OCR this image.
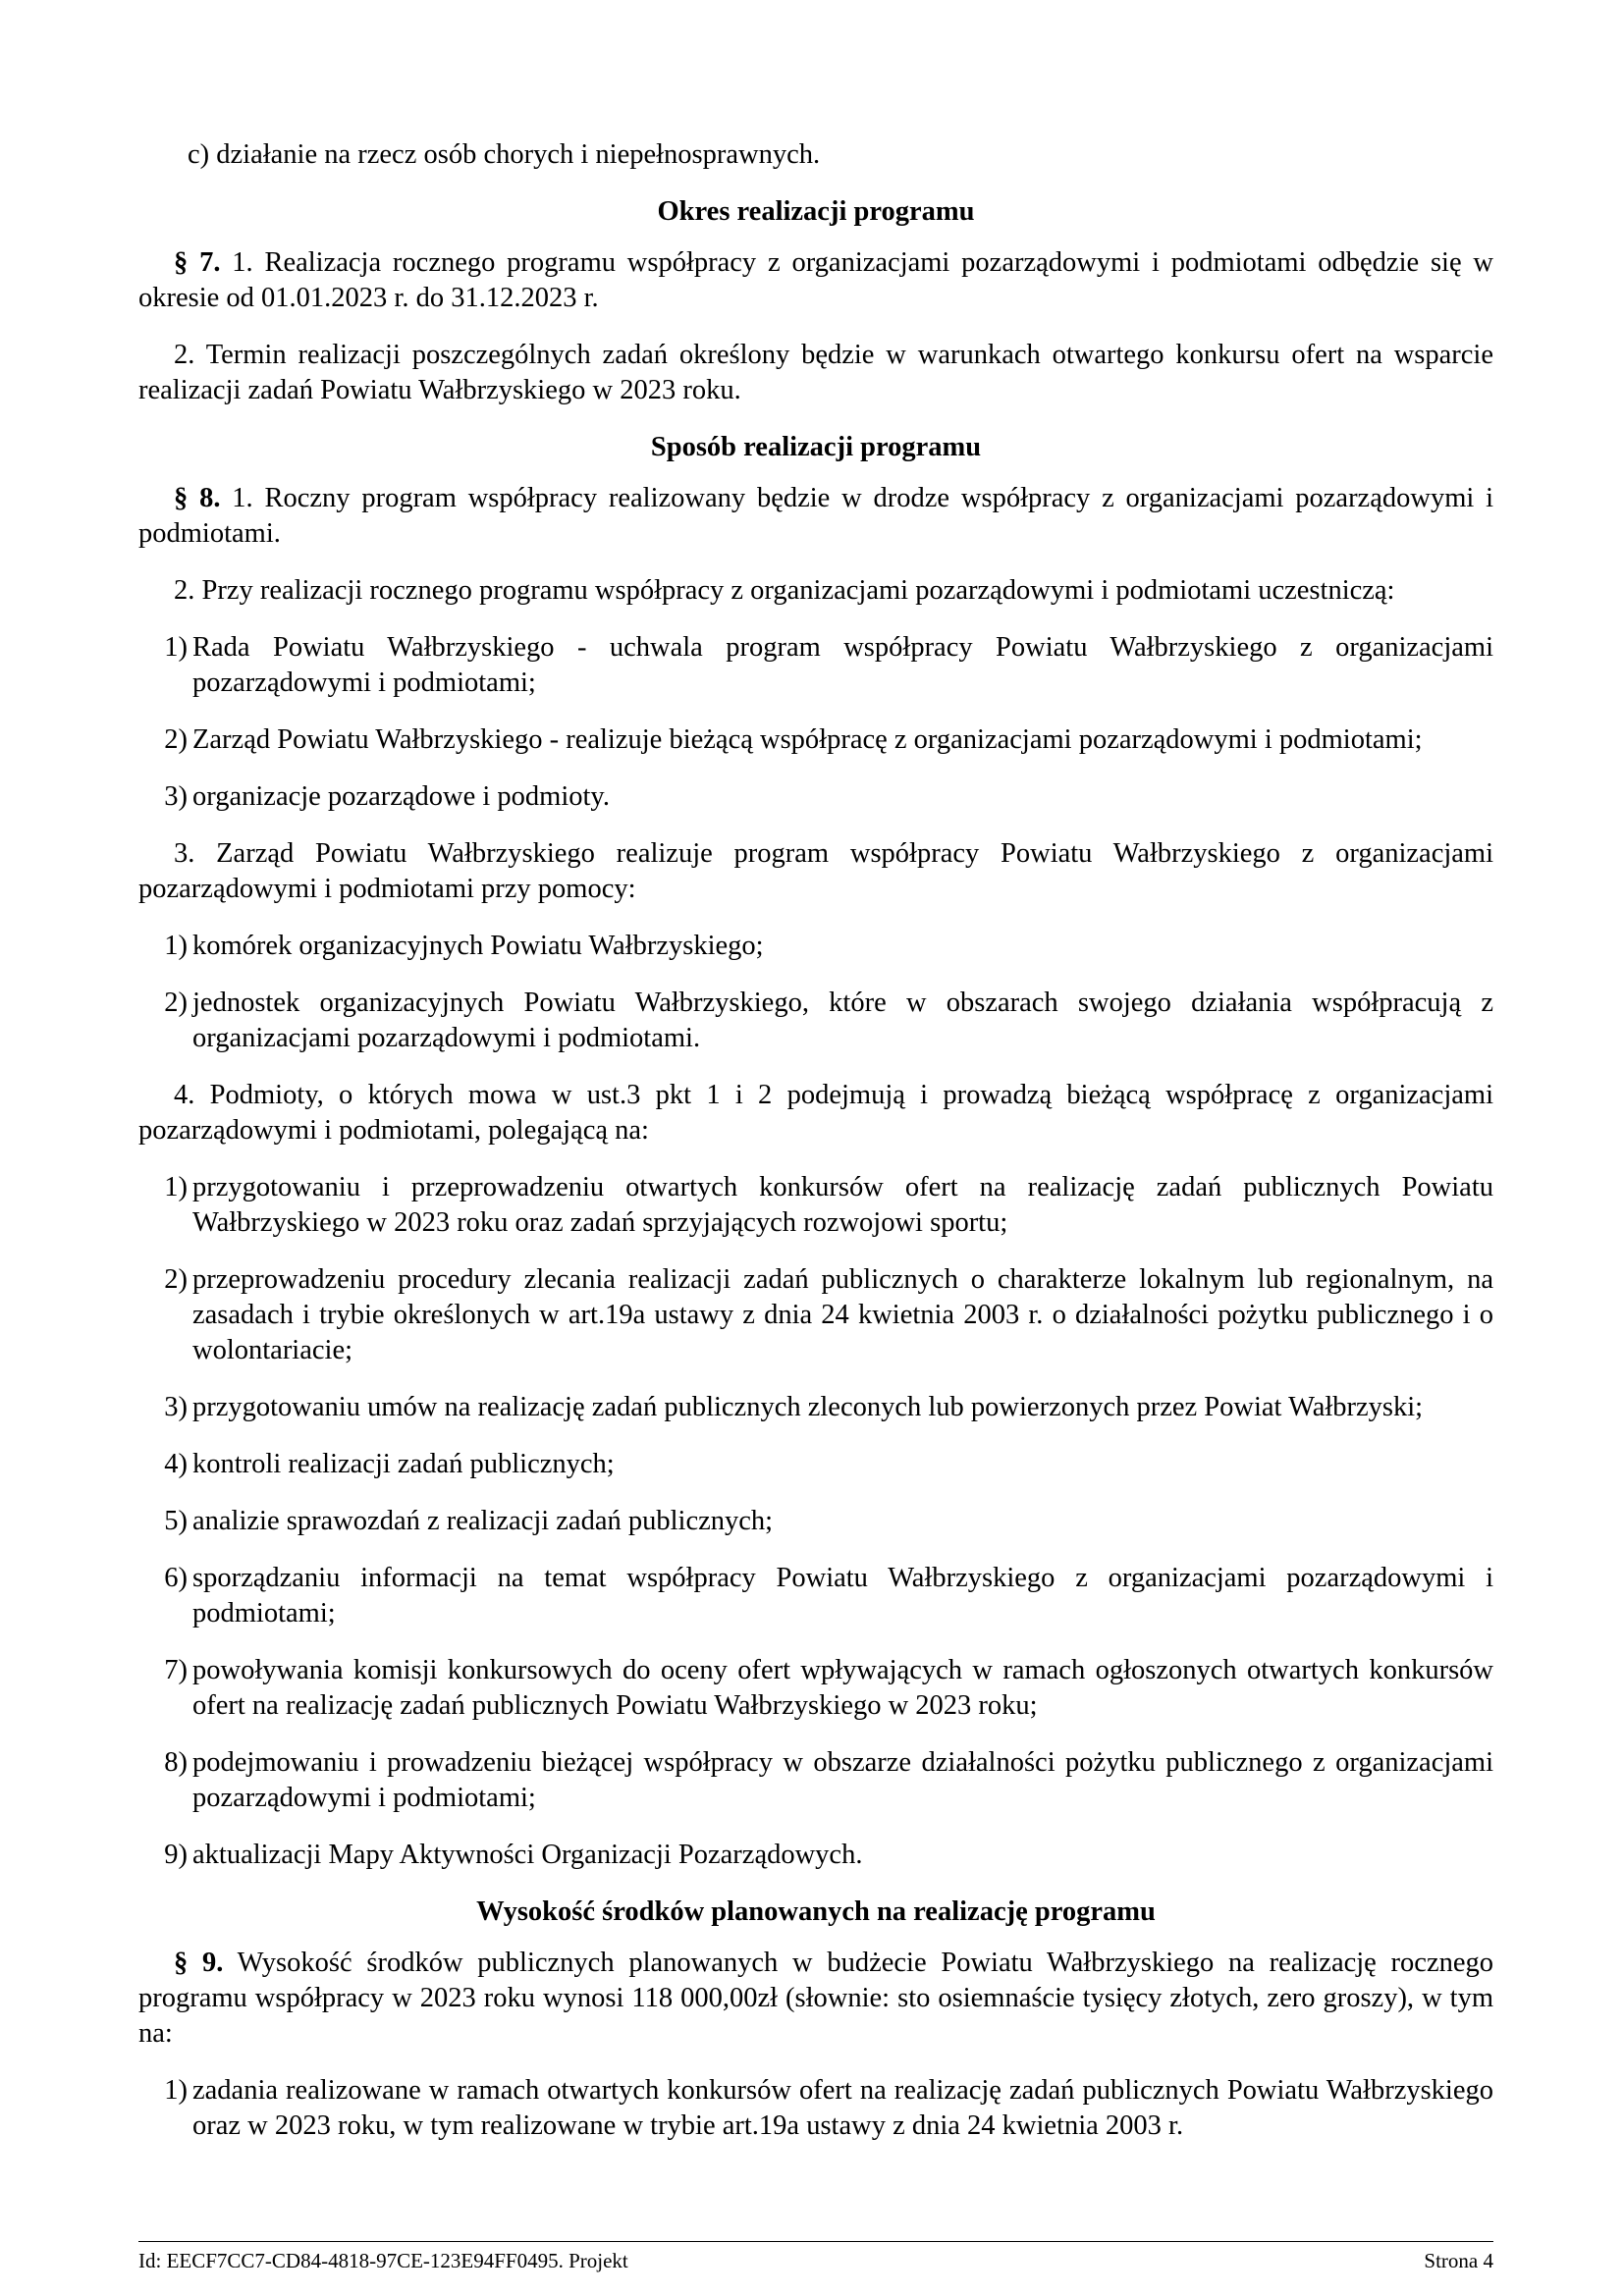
c) działanie na rzecz osób chorych i niepełnosprawnych.
Okres realizacji programu
§ 7. 1. Realizacja rocznego programu współpracy z organizacjami pozarządowymi i podmiotami odbędzie się w okresie od 01.01.2023 r. do 31.12.2023 r.
2. Termin realizacji poszczególnych zadań określony będzie w warunkach otwartego konkursu ofert na wsparcie realizacji zadań Powiatu Wałbrzyskiego w 2023 roku.
Sposób realizacji programu
§ 8. 1. Roczny program współpracy realizowany będzie w drodze współpracy z organizacjami pozarządowymi i podmiotami.
2. Przy realizacji rocznego programu współpracy z organizacjami pozarządowymi i podmiotami uczestniczą:
1) Rada Powiatu Wałbrzyskiego - uchwala program współpracy Powiatu Wałbrzyskiego z organizacjami pozarządowymi i podmiotami;
2) Zarząd Powiatu Wałbrzyskiego - realizuje bieżącą współpracę z organizacjami pozarządowymi i podmiotami;
3) organizacje pozarządowe i podmioty.
3. Zarząd Powiatu Wałbrzyskiego realizuje program współpracy Powiatu Wałbrzyskiego z organizacjami pozarządowymi i podmiotami przy pomocy:
1) komórek organizacyjnych Powiatu Wałbrzyskiego;
2) jednostek organizacyjnych Powiatu Wałbrzyskiego, które w obszarach swojego działania współpracują z organizacjami pozarządowymi i podmiotami.
4. Podmioty, o których mowa w ust.3 pkt 1 i 2 podejmują i prowadzą bieżącą współpracę z organizacjami pozarządowymi i podmiotami, polegającą na:
1) przygotowaniu i przeprowadzeniu otwartych konkursów ofert na realizację zadań publicznych Powiatu Wałbrzyskiego w 2023 roku oraz zadań sprzyjających rozwojowi sportu;
2) przeprowadzeniu procedury zlecania realizacji zadań publicznych o charakterze lokalnym lub regionalnym, na zasadach i trybie określonych w art.19a ustawy z dnia 24 kwietnia 2003 r. o działalności pożytku publicznego i o wolontariacie;
3) przygotowaniu umów na realizację zadań publicznych zleconych lub powierzonych przez Powiat Wałbrzyski;
4) kontroli realizacji zadań publicznych;
5) analizie sprawozdań z realizacji zadań publicznych;
6) sporządzaniu informacji na temat współpracy Powiatu Wałbrzyskiego z organizacjami pozarządowymi i podmiotami;
7) powoływania komisji konkursowych do oceny ofert wpływających w ramach ogłoszonych otwartych konkursów ofert na realizację zadań publicznych Powiatu Wałbrzyskiego w 2023 roku;
8) podejmowaniu i prowadzeniu bieżącej współpracy w obszarze działalności pożytku publicznego z organizacjami pozarządowymi i podmiotami;
9) aktualizacji Mapy Aktywności Organizacji Pozarządowych.
Wysokość środków planowanych na realizację programu
§ 9. Wysokość środków publicznych planowanych w budżecie Powiatu Wałbrzyskiego na realizację rocznego programu współpracy w 2023 roku wynosi 118 000,00zł (słownie: sto osiemnaście tysięcy złotych, zero groszy), w tym na:
1) zadania realizowane w ramach otwartych konkursów ofert na realizację zadań publicznych Powiatu Wałbrzyskiego oraz w 2023 roku, w tym realizowane w trybie art.19a ustawy z dnia 24 kwietnia 2003 r.
Id: EECF7CC7-CD84-4818-97CE-123E94FF0495. Projekt	Strona 4
